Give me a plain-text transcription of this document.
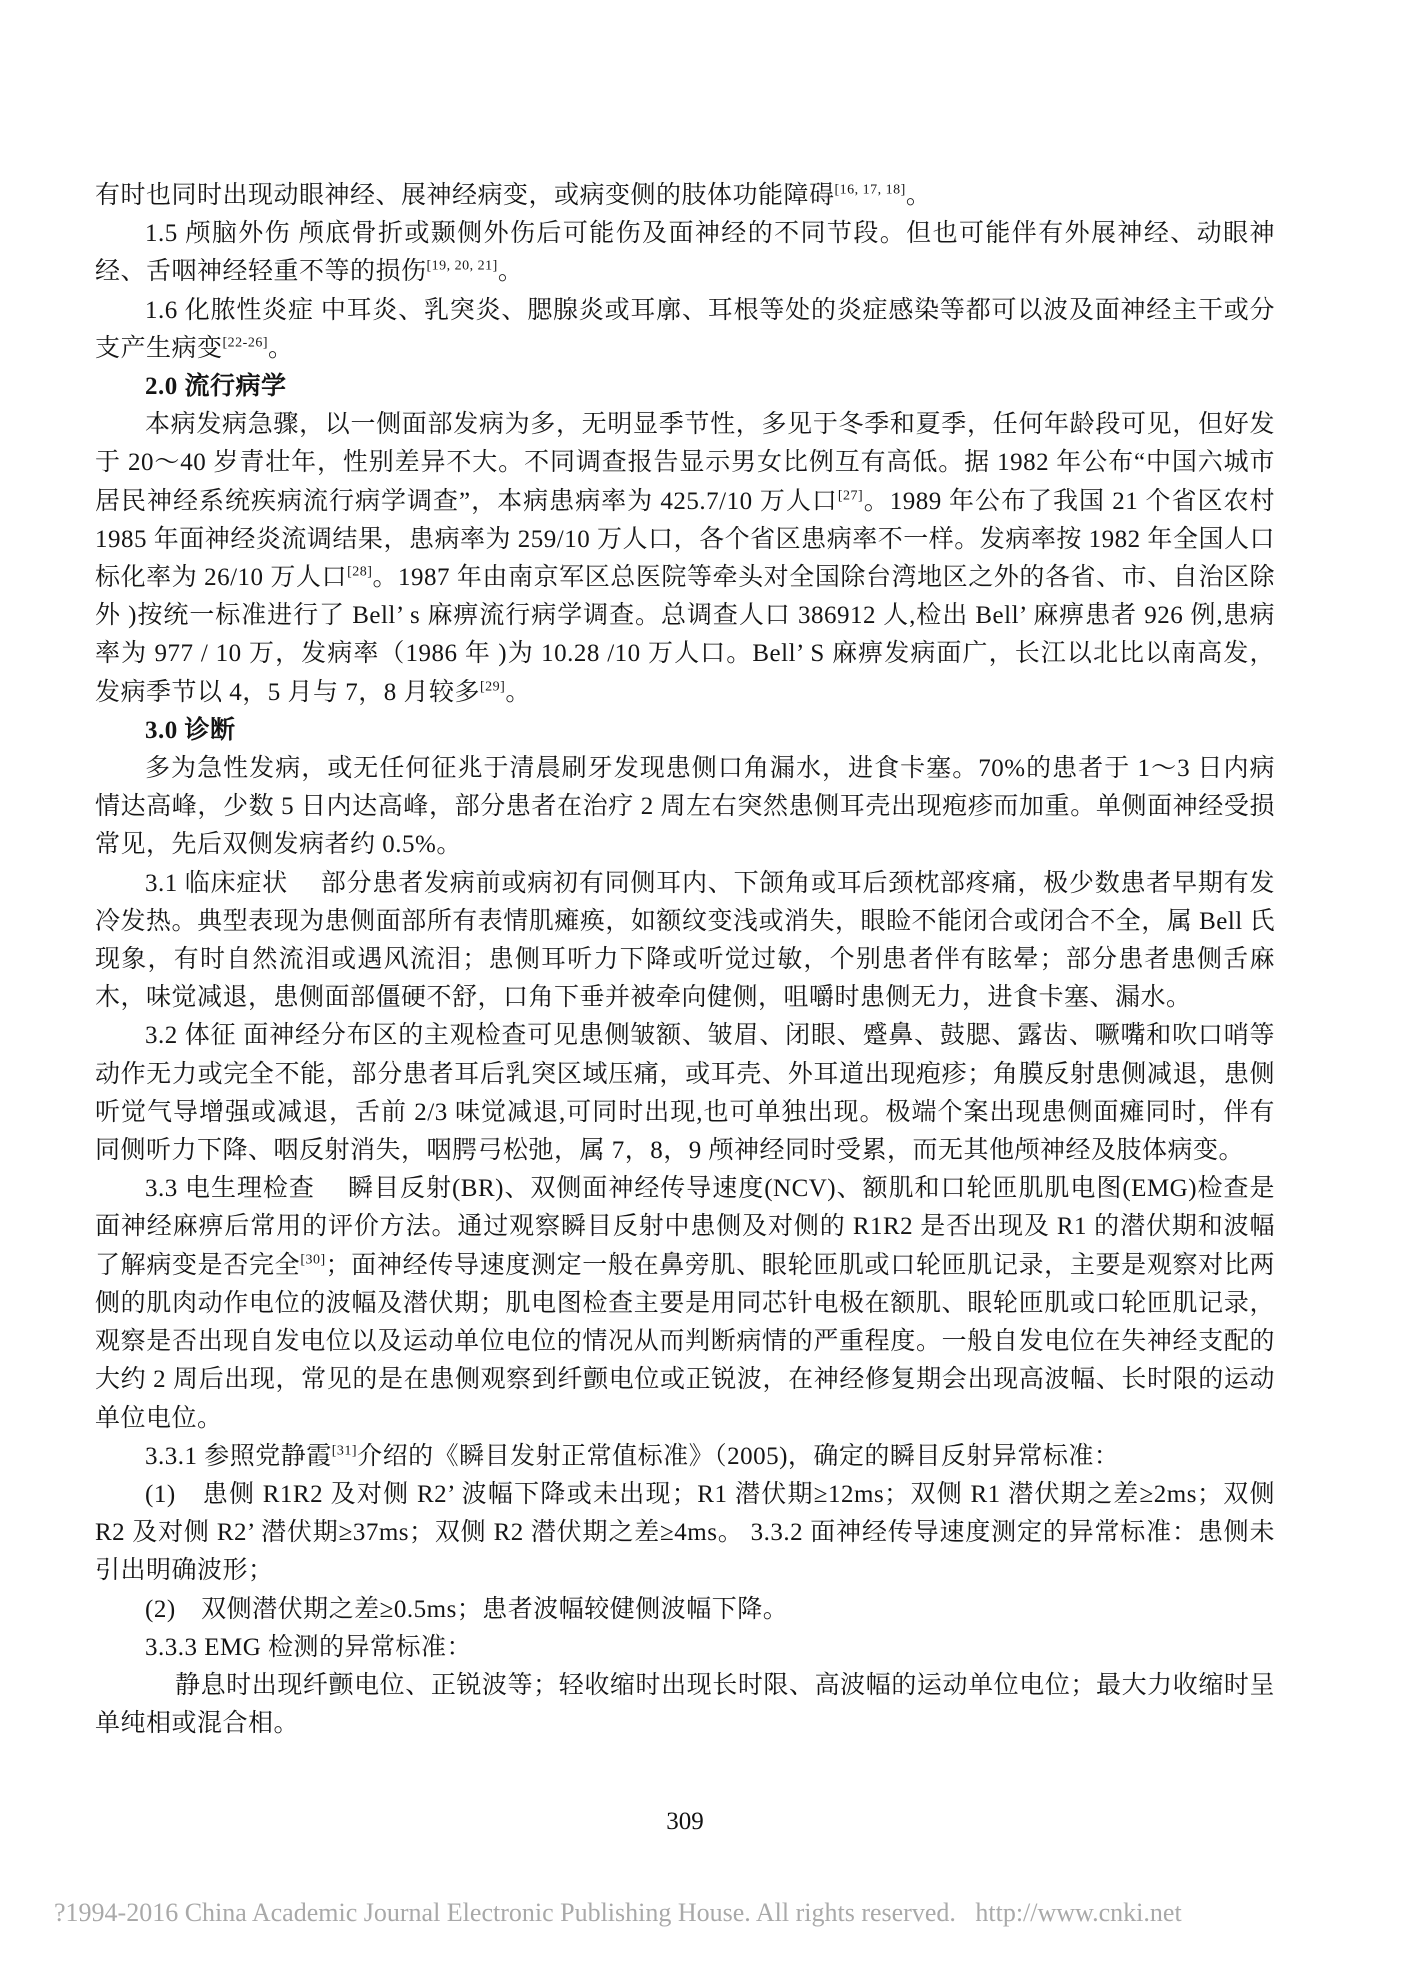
有时也同时出现动眼神经、展神经病变，或病变侧的肢体功能障碍[16, 17, 18]。

1.5 颅脑外伤 颅底骨折或颞侧外伤后可能伤及面神经的不同节段。但也可能伴有外展神经、动眼神经、舌咽神经轻重不等的损伤[19, 20, 21]。

1.6 化脓性炎症 中耳炎、乳突炎、腮腺炎或耳廓、耳根等处的炎症感染等都可以波及面神经主干或分支产生病变[22-26]。

2.0 流行病学

本病发病急骤，以一侧面部发病为多，无明显季节性，多见于冬季和夏季，任何年龄段可见，但好发于 20～40 岁青壮年，性别差异不大。不同调查报告显示男女比例互有高低。据 1982 年公布“中国六城市居民神经系统疾病流行病学调查”，本病患病率为 425.7/10 万人口[27]。1989 年公布了我国 21 个省区农村 1985 年面神经炎流调结果，患病率为 259/10 万人口，各个省区患病率不一样。发病率按 1982 年全国人口标化率为 26/10 万人口[28]。1987 年由南京军区总医院等牵头对全国除台湾地区之外的各省、市、自治区除外 )按统一标准进行了 Bell’ s 麻痹流行病学调查。总调查人口 386912 人,检出 Bell’ 麻痹患者 926 例,患病率为 977 / 10 万，发病率（1986 年 )为 10.28 /10 万人口。Bell’ S 麻痹发病面广，长江以北比以南高发，发病季节以 4，5 月与 7，8 月较多[29]。

3.0 诊断

多为急性发病，或无任何征兆于清晨刷牙发现患侧口角漏水，进食卡塞。70%的患者于 1～3 日内病情达高峰，少数 5 日内达高峰，部分患者在治疗 2 周左右突然患侧耳壳出现疱疹而加重。单侧面神经受损常见，先后双侧发病者约 0.5%。

3.1 临床症状　 部分患者发病前或病初有同侧耳内、下颌角或耳后颈枕部疼痛，极少数患者早期有发冷发热。典型表现为患侧面部所有表情肌瘫痪，如额纹变浅或消失，眼睑不能闭合或闭合不全，属 Bell 氏现象，有时自然流泪或遇风流泪；患侧耳听力下降或听觉过敏，个别患者伴有眩晕；部分患者患侧舌麻木，味觉减退，患侧面部僵硬不舒，口角下垂并被牵向健侧，咀嚼时患侧无力，进食卡塞、漏水。

3.2 体征 面神经分布区的主观检查可见患侧皱额、皱眉、闭眼、蹙鼻、鼓腮、露齿、噘嘴和吹口哨等动作无力或完全不能，部分患者耳后乳突区域压痛，或耳壳、外耳道出现疱疹；角膜反射患侧减退，患侧听觉气导增强或减退，舌前 2/3 味觉减退,可同时出现,也可单独出现。极端个案出现患侧面瘫同时，伴有同侧听力下降、咽反射消失，咽腭弓松弛，属 7，8，9 颅神经同时受累，而无其他颅神经及肢体病变。

3.3 电生理检查　 瞬目反射(BR)、双侧面神经传导速度(NCV)、额肌和口轮匝肌肌电图(EMG)检查是面神经麻痹后常用的评价方法。通过观察瞬目反射中患侧及对侧的 R1R2 是否出现及 R1 的潜伏期和波幅了解病变是否完全[30]；面神经传导速度测定一般在鼻旁肌、眼轮匝肌或口轮匝肌记录，主要是观察对比两侧的肌肉动作电位的波幅及潜伏期；肌电图检查主要是用同芯针电极在额肌、眼轮匝肌或口轮匝肌记录，观察是否出现自发电位以及运动单位电位的情况从而判断病情的严重程度。一般自发电位在失神经支配的大约 2 周后出现，常见的是在患侧观察到纤颤电位或正锐波，在神经修复期会出现高波幅、长时限的运动单位电位。

3.3.1 参照党静霞[31]介绍的《瞬目发射正常值标准》（2005)，确定的瞬目反射异常标准：

(1)　患侧 R1R2 及对侧 R2’ 波幅下降或未出现；R1 潜伏期≥12ms；双侧 R1 潜伏期之差≥2ms；双侧 R2 及对侧 R2’ 潜伏期≥37ms；双侧 R2 潜伏期之差≥4ms。 3.3.2 面神经传导速度测定的异常标准：患侧未引出明确波形；

(2)　双侧潜伏期之差≥0.5ms；患者波幅较健侧波幅下降。

3.3.3 EMG 检测的异常标准：

静息时出现纤颤电位、正锐波等；轻收缩时出现长时限、高波幅的运动单位电位；最大力收缩时呈单纯相或混合相。

309
?1994-2016 China Academic Journal Electronic Publishing House. All rights reserved.   http://www.cnki.net
